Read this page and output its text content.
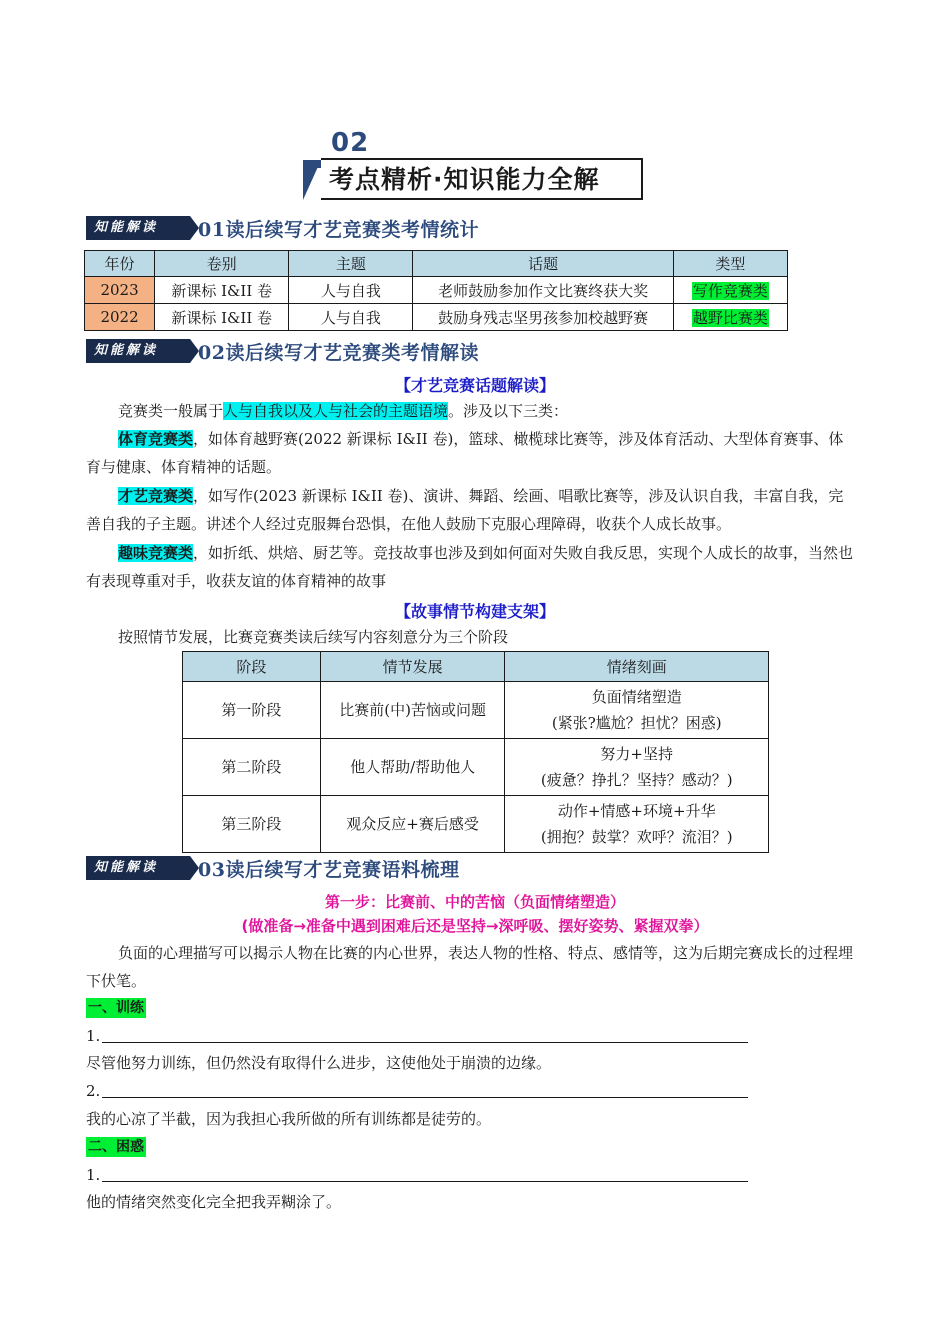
02
考点精析·知识能力全解
知能解读	01读后续写才艺竞赛类考情统计
年份	卷别	主题	话题	类型
2023	新课标 I&II 卷	人与自我	老师鼓励参加作文比赛终获大奖	写作竞赛类
2022	新课标 I&II 卷	人与自我	鼓励身残志坚男孩参加校越野赛	越野比赛类
知能解读	02读后续写才艺竞赛类考情解读
【才艺竞赛话题解读】
竞赛类一般属于人与自我以及人与社会的主题语境。涉及以下三类：
体育竞赛类，如体育越野赛(2022 新课标 I&II 卷)，篮球、橄榄球比赛等，涉及体育活动、大型体育赛事、体育与健康、体育精神的话题。
才艺竞赛类，如写作(2023 新课标 I&II 卷)、演讲、舞蹈、绘画、唱歌比赛等，涉及认识自我，丰富自我，完善自我的子主题。讲述个人经过克服舞台恐惧，在他人鼓励下克服心理障碍，收获个人成长故事。
趣味竞赛类，如折纸、烘焙、厨艺等。竞技故事也涉及到如何面对失败自我反思，实现个人成长的故事，当然也有表现尊重对手，收获友谊的体育精神的故事
【故事情节构建支架】
按照情节发展，比赛竞赛类读后续写内容刻意分为三个阶段
阶段	情节发展	情绪刻画
第一阶段	比赛前(中)苦恼或问题	负面情绪塑造
(紧张?尴尬？担忧？困惑)

第二阶段	他人帮助/帮助他人	努力+坚持
(疲惫？挣扎？坚持？感动？)

第三阶段	观众反应+赛后感受	动作+情感+环境+升华
(拥抱？鼓掌？欢呼？流泪？)
知能解读	03读后续写才艺竞赛语料梳理
第一步：比赛前、中的苦恼（负面情绪塑造）
(做准备→准备中遇到困难后还是坚持→深呼吸、摆好姿势、紧握双拳）
负面的心理描写可以揭示人物在比赛的内心世界，表达人物的性格、特点、感情等，这为后期完赛成长的过程埋下伏笔。
一、训练
1.
尽管他努力训练，但仍然没有取得什么进步，这使他处于崩溃的边缘。
2.
我的心凉了半截，因为我担心我所做的所有训练都是徒劳的。
二、困惑
1.
他的情绪突然变化完全把我弄糊涂了。
